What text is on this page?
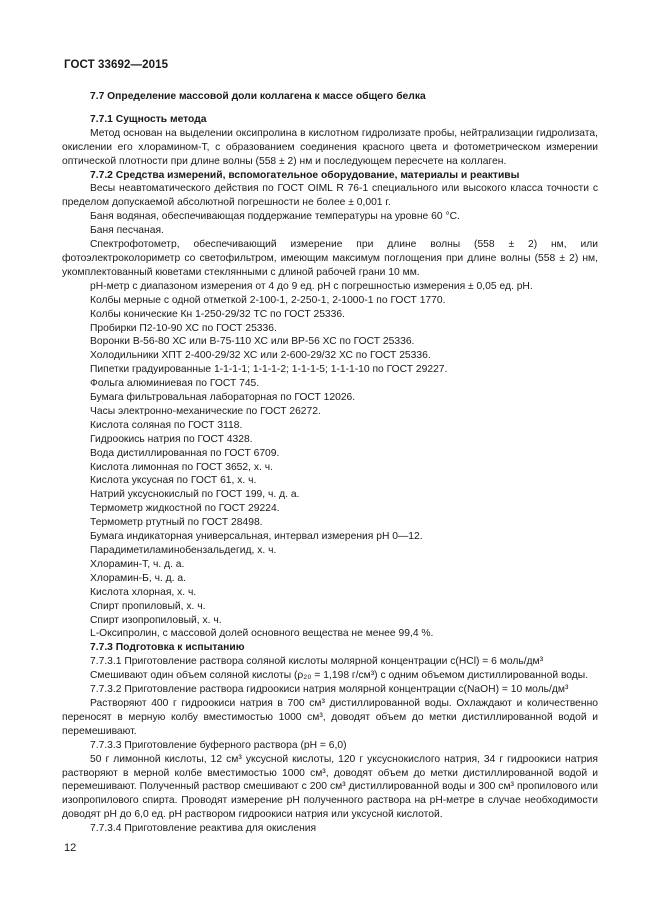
ГОСТ 33692—2015

7.7 Определение массовой доли коллагена к массе общего белка

7.7.1 Сущность метода

Метод основан на выделении оксипролина в кислотном гидролизате пробы, нейтрализации гидролизата, окислении его хлорамином-Т, с образованием соединения красного цвета и фотометрическом измерении оптической плотности при длине волны (558 ± 2) нм и последующем пересчете на коллаген.

7.7.2 Средства измерений, вспомогательное оборудование, материалы и реактивы

Весы неавтоматического действия по ГОСТ OIML R 76-1 специального или высокого класса точности с пределом допускаемой абсолютной погрешности не более ± 0,001 г.

Баня водяная, обеспечивающая поддержание температуры на уровне 60 °С.

Баня песчаная.

Спектрофотометр, обеспечивающий измерение при длине волны (558 ± 2) нм, или фотоэлектроколориметр со светофильтром, имеющим максимум поглощения при длине волны (558 ± 2) нм, укомплектованный кюветами стеклянными с длиной рабочей грани 10 мм.

рН-метр с диапазоном измерения от 4 до 9 ед. рН с погрешностью измерения ± 0,05 ед. рН.

Колбы мерные с одной отметкой 2-100-1, 2-250-1, 2-1000-1 по ГОСТ 1770.

Колбы конические Кн 1-250-29/32 ТС по ГОСТ 25336.

Пробирки П2-10-90 ХС по ГОСТ 25336.

Воронки В-56-80 ХС или В-75-110 ХС или ВР-56 ХС по ГОСТ 25336.

Холодильники ХПТ 2-400-29/32 ХС или 2-600-29/32 ХС по ГОСТ 25336.

Пипетки градуированные 1-1-1-1; 1-1-1-2; 1-1-1-5; 1-1-1-10 по ГОСТ 29227.

Фольга алюминиевая по ГОСТ 745.

Бумага фильтровальная лабораторная по ГОСТ 12026.

Часы электронно-механические по ГОСТ 26272.

Кислота соляная по ГОСТ 3118.

Гидроокись натрия по ГОСТ 4328.

Вода дистиллированная по ГОСТ 6709.

Кислота лимонная по ГОСТ 3652, х. ч.

Кислота уксусная по ГОСТ 61, х. ч.

Натрий уксуснокислый по ГОСТ 199, ч. д. а.

Термометр жидкостной по ГОСТ 29224.

Термометр ртутный по ГОСТ 28498.

Бумага индикаторная универсальная, интервал измерения рН 0—12.

Парадиметиламинобензальдегид, х. ч.

Хлорамин-Т, ч. д. а.

Хлорамин-Б, ч. д. а.

Кислота хлорная, х. ч.

Спирт пропиловый, х. ч.

Спирт изопропиловый, х. ч.

L-Оксипролин, с массовой долей основного вещества не менее 99,4 %.

7.7.3 Подготовка к испытанию

7.7.3.1 Приготовление раствора соляной кислоты молярной концентрации c(HCl) = 6 моль/дм³

Смешивают один объем соляной кислоты (ρ₂₀ = 1,198 г/см³) с одним объемом дистиллированной воды.

7.7.3.2 Приготовление раствора гидроокиси натрия молярной концентрации c(NaOH) = 10 моль/дм³

Растворяют 400 г гидроокиси натрия в 700 см³ дистиллированной воды. Охлаждают и количественно переносят в мерную колбу вместимостью 1000 см³, доводят объем до метки дистиллированной водой и перемешивают.

7.7.3.3 Приготовление буферного раствора (рН = 6,0)

50 г лимонной кислоты, 12 см³ уксусной кислоты, 120 г уксуснокислого натрия, 34 г гидроокиси натрия растворяют в мерной колбе вместимостью 1000 см³, доводят объем до метки дистиллированной водой и перемешивают. Полученный раствор смешивают с 200 см³ дистиллированной воды и 300 см³ пропилового или изопропилового спирта. Проводят измерение рН полученного раствора на рН-метре в случае необходимости доводят рН до 6,0 ед. рН раствором гидроокиси натрия или уксусной кислотой.

7.7.3.4 Приготовление реактива для окисления

12
